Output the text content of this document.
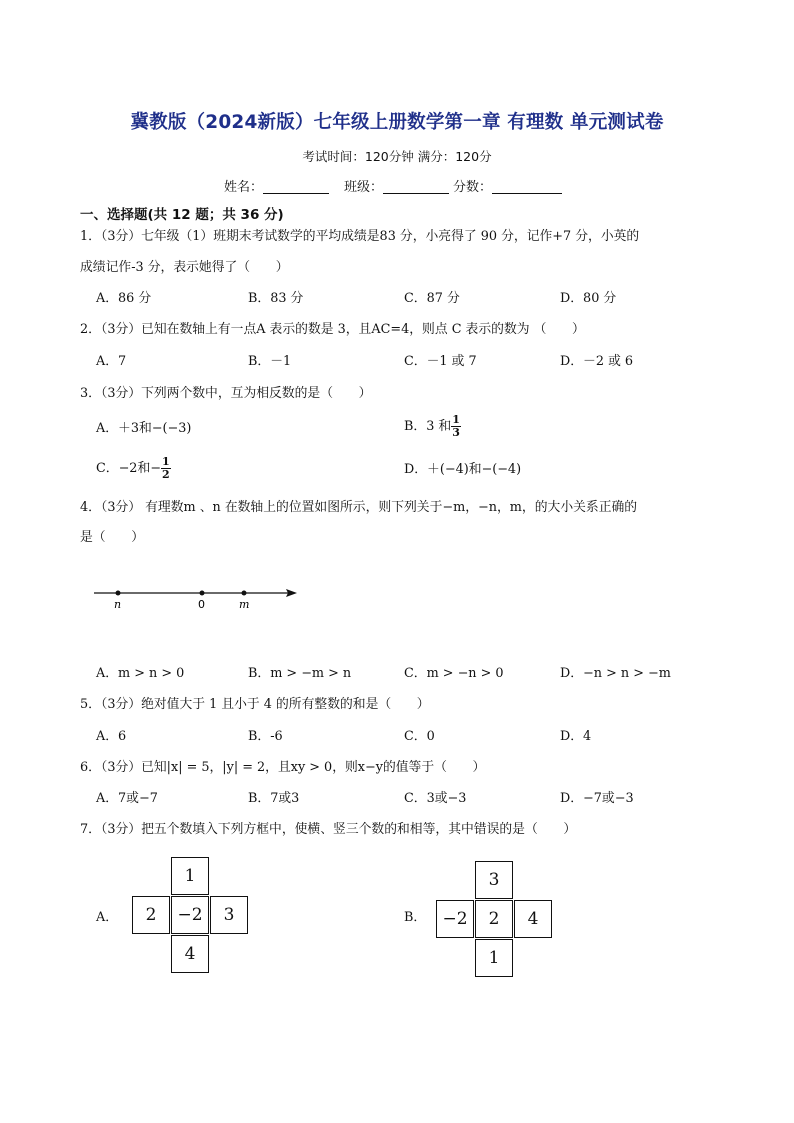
冀教版（2024新版）七年级上册数学第一章 有理数 单元测试卷
考试时间：120分钟 满分：120分
姓名：	班级：	分数：
一、选择题(共 12 题；共 36 分)
1．（3分）七年级（1）班期末考试数学的平均成绩是83 分，小亮得了 90 分，记作+7 分，小英的
成绩记作-3 分，表示她得了（　　）
A．86 分	B．83 分	C．87 分	D．80 分
2．（3分）已知在数轴上有一点A 表示的数是 3，且AC=4，则点 C 表示的数为 （　　）
A．7	B．－1	C．－1 或 7	D．－2 或 6
3．（3分）下列两个数中，互为相反数的是（　　）
A．＋3和−(−3)	B．3 和 $\frac{1}{3}$
C．−2和− $\frac{1}{2}$	D．＋(−4)和−(−4)
4．（3分） 有理数m 、n 在数轴上的位置如图所示，则下列关于−m，−n，m，的大小关系正确的
是（　　）
n	0	m
A．m > n > 0	B．m > −m > n	C．m > −n > 0	D．−n > n > −m
5．（3分）绝对值大于 1 且小于 4 的所有整数的和是（　　）
A．6	B．-6	C．0	D．4
6．（3分）已知|x| = 5，|y| = 2，且xy > 0，则x−y的值等于（　　）
A．7或−7	B．7或3	C．3或−3	D．−7或−3
7．（3分）把五个数填入下列方框中，使横、竖三个数的和相等，其中错误的是（　　）
A．
1
2	−2	3
4
B．
3
−2	2	4
1
